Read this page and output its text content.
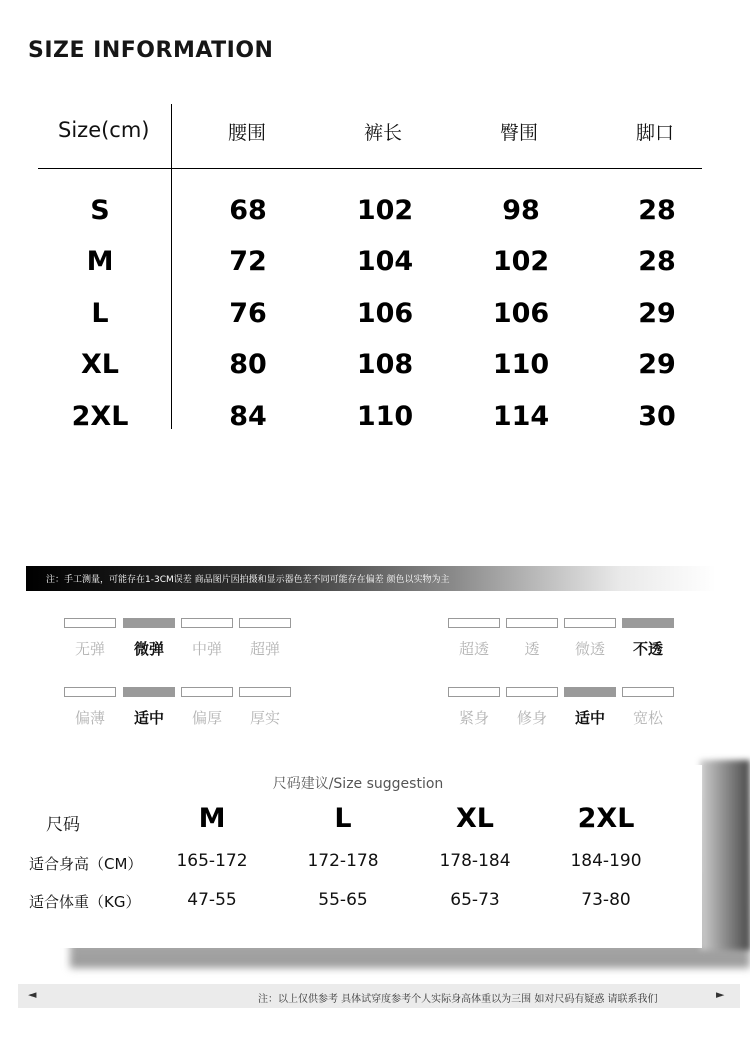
SIZE INFORMATION
Size(cm)	腰围	裤长	臀围	脚口
S	68	102	98	28
M	72	104	102	28
L	76	106	106	29
XL	80	108	110	29
2XL	84	110	114	30
注：手工测量，可能存在1-3CM误差 商品图片因拍摄和显示器色差不同可能存在偏差 颜色以实物为主
无弹	微弹	中弹	超弹	超透	透	微透	不透
偏薄	适中	偏厚	厚实	紧身	修身	适中	宽松
尺码建议/Size suggestion
尺码	M	L	XL	2XL
适合身高（CM）	165-172	172-178	178-184	184-190
适合体重（KG）	47-55	55-65	65-73	73-80
◄	注：以上仅供参考 具体试穿度参考个人实际身高体重以为三围 如对尺码有疑惑 请联系我们	►
